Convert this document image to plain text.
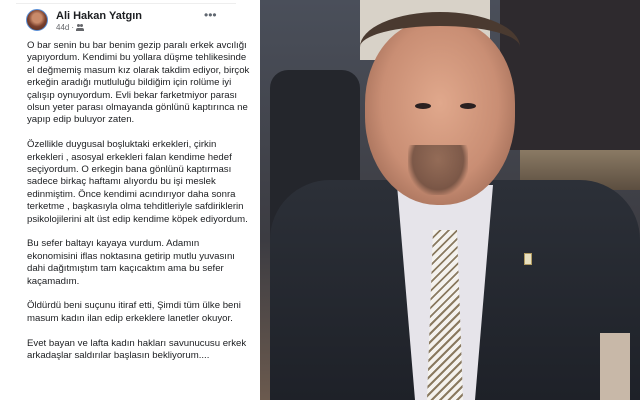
Ali Hakan Yatgın
44d ·
•••

O bar senin bu bar benim gezip paralı erkek avcılığı yapıyordum. Kendimi bu yollara düşme tehlikesinde el değmemiş masum kız olarak takdim ediyor, birçok erkeğin aradığı mutluluğu bildiğim için rolüme iyi çalışıp oynuyordum. Evli bekar farketmiyor parası olsun yeter parası olmayanda gönlünü kaptırınca ne yapıp edip buluyor zaten.

Özellikle duygusal boşluktaki erkekleri, çirkin erkekleri , asosyal erkekleri falan kendime hedef seçiyordum. O erkegin bana gönlünü kaptırması sadece birkaç haftamı alıyordu bu işi meslek edinmiştim. Önce kendimi acındırıyor daha sonra terketme , başkasıyla olma tehditleriyle safdiriklerin psikolojilerini alt üst edip kendime köpek ediyordum.

Bu sefer baltayı kayaya vurdum. Adamın ekonomisini iflas noktasına getirip mutlu yuvasını dahi dağıtmıştım tam kaçıcaktım ama bu sefer kaçamadım.

Öldürdü beni suçunu itiraf etti, Şimdi tüm ülke beni masum kadın ilan edip erkeklere lanetler okuyor.

Evet bayan ve lafta kadın hakları savunucusu erkek arkadaşlar saldırılar başlasın bekliyorum....
